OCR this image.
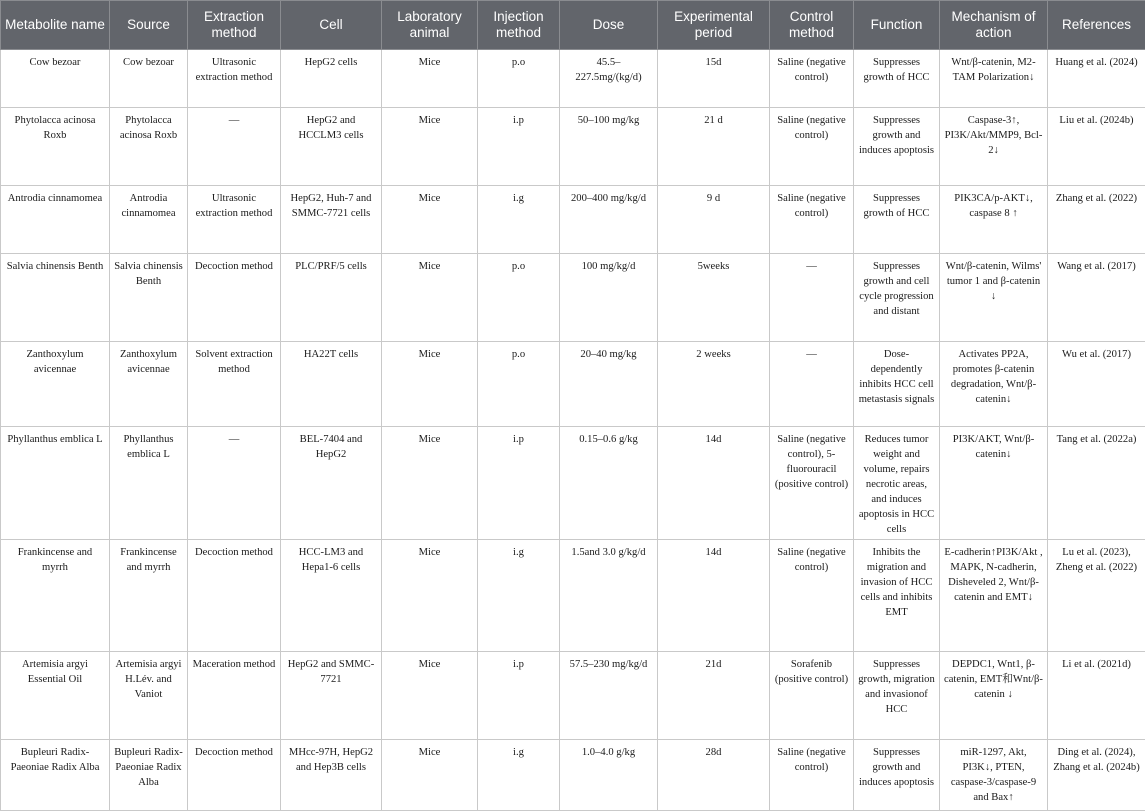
Metabolite name	Source	Extraction method	Cell	Laboratory animal	Injection method	Dose	Experimental period	Control method	Function	Mechanism of action	References
Cow bezoar	Cow bezoar	Ultrasonic extraction method	HepG2 cells	Mice	p.o	45.5–227.5mg/(kg/d)	15d	Saline (negative control)	Suppresses growth of HCC	Wnt/β-catenin, M2-TAM Polarization↓	Huang et al. (2024)
Phytolacca acinosa Roxb	Phytolacca acinosa Roxb	—	HepG2 and HCCLM3 cells	Mice	i.p	50–100 mg/kg	21 d	Saline (negative control)	Suppresses growth and induces apoptosis	Caspase-3↑, PI3K/Akt/MMP9, Bcl-2↓	Liu et al. (2024b)
Antrodia cinnamomea	Antrodia cinnamomea	Ultrasonic extraction method	HepG2, Huh-7 and SMMC-7721 cells	Mice	i.g	200–400 mg/kg/d	9 d	Saline (negative control)	Suppresses growth of HCC	PIK3CA/p-AKT↓, caspase 8 ↑	Zhang et al. (2022)
Salvia chinensis Benth	Salvia chinensis Benth	Decoction method	PLC/PRF/5 cells	Mice	p.o	100 mg/kg/d	5weeks	—	Suppresses growth and cell cycle progression and distant	Wnt/β-catenin, Wilms' tumor 1 and β-catenin ↓	Wang et al. (2017)
Zanthoxylum avicennae	Zanthoxylum avicennae	Solvent extraction method	HA22T cells	Mice	p.o	20–40 mg/kg	2 weeks	—	Dose-dependently inhibits HCC cell metastasis signals	Activates PP2A, promotes β-catenin degradation, Wnt/β-catenin↓	Wu et al. (2017)
Phyllanthus emblica L	Phyllanthus emblica L	—	BEL-7404 and HepG2	Mice	i.p	0.15–0.6 g/kg	14d	Saline (negative control), 5-fluorouracil (positive control)	Reduces tumor weight and volume, repairs necrotic areas, and induces apoptosis in HCC cells	PI3K/AKT, Wnt/β-catenin↓	Tang et al. (2022a)
Frankincense and myrrh	Frankincense and myrrh	Decoction method	HCC-LM3 and Hepa1-6 cells	Mice	i.g	1.5and 3.0 g/kg/d	14d	Saline (negative control)	Inhibits the migration and invasion of HCC cells and inhibits EMT	E-cadherin↑PI3K/Akt , MAPK, N-cadherin, Disheveled 2, Wnt/β-catenin and EMT↓	Lu et al. (2023), Zheng et al. (2022)
Artemisia argyi Essential Oil	Artemisia argyi H.Lév. and Vaniot	Maceration method	HepG2 and SMMC-7721	Mice	i.p	57.5–230 mg/kg/d	21d	Sorafenib (positive control)	Suppresses growth, migration and invasionof HCC	DEPDC1, Wnt1, β-catenin, EMT和Wnt/β-catenin ↓	Li et al. (2021d)
Bupleuri Radix-Paeoniae Radix Alba	Bupleuri Radix-Paeoniae Radix Alba	Decoction method	MHcc-97H, HepG2 and Hep3B cells	Mice	i.g	1.0–4.0 g/kg	28d	Saline (negative control)	Suppresses growth and induces apoptosis	miR-1297, Akt, PI3K↓, PTEN, caspase-3/caspase-9 and Bax↑	Ding et al. (2024), Zhang et al. (2024b)
